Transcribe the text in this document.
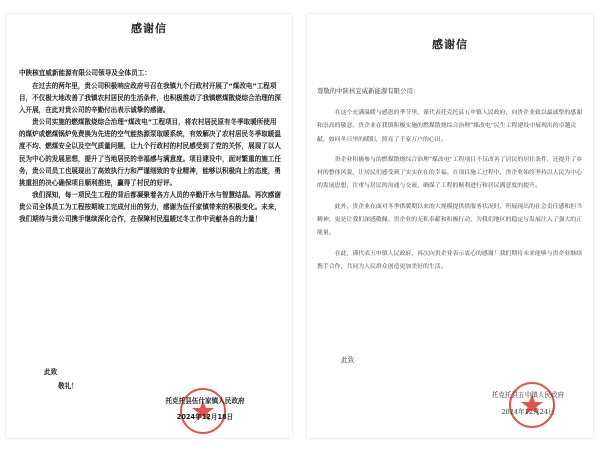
感谢信
中陕核宜威新能源有限公司领导及全体员工：

在过去的两年里，贵公司积极响应政府号召在我镇九个行政村开展了“煤改电”工程项目，不仅极大地改善了我镇农村居民的生活条件，也积极推动了我镇燃煤散烧综合治理的深入开展，在此对贵公司的辛勤付出表示诚挚的感谢。

贵公司实施的燃煤散烧综合治理“煤改电”工程项目，将农村居民原有冬季取暖所使用的煤炉或燃煤锅炉免费换为先进的空气能热源泵取暖系统，有效解决了农村居民冬季取暖温度不均、燃煤安全以及空气质量问题，让九个行政村的村民感受到了党的关怀，展现了以人民为中心的发展思想，提升了当地居民的幸福感与满意度。项目建设中，面对繁重的施工任务，贵公司员工也展现出了高效执行力和严谨细致的专业精神，能够以积极向上的态度，勇挑重担的决心确保项目顺利推进，赢得了村民的好评。

我们深知，每一项民生工程的背后都凝聚着各方人员的辛勤汗水与智慧结晶。再次感谢贵公司全体员工为工程按期竣工完成付出的努力，感谢为伍仟家镇带来的积极变化。未来，我们期待与贵公司携手继续深化合作，在保障村民温暖过冬工作中贡献各自的力量！

此致
敬礼！
托克托县伍什家镇人民政府
2024年12月18日
感谢信
尊敬的中陕核宜威新能源有限公司：

在这个充满温暖与感恩的季节里，谨代表托克托县五申镇人民政府，向贵企业致以最诚挚的感谢和崇高的敬意。贵企业在我镇积极实施的燃煤散烧综合治理“煤改电”民生工程建设中展现出的卓越贡献，如同冬日里的暖阳，照亮了千家万户的心田。

贵企业积极参与的燃煤散烧综合治理“煤改电”工程项目不仅改善了居民的居住条件，还提升了乡村的整体风貌，让居民们感受到了实实在在的幸福。在项目施工过程中，贵企业始终坚持以人民为中心的发展思想，注重与居民的沟通与交流，确保了工程的顺利进行和居民满意度的提升。

此外，贵企业在面对冬季供暖期以来的大规模提供供服务状况时，所展现出的社会责任感和担当精神，更是让我们深感敬佩。贵企业的无私奉献和积极行动，为我们地区的稳定与发展注入了强大的正能量。

在此，谨代表五申镇人民政府，再次向贵企业表示衷心的感谢！我们期待未来能够与贵企业继续携手合作，共同为人民群众创造更加美好的生活。

此致
托克托县五申镇人民政府
2024年12月24日
